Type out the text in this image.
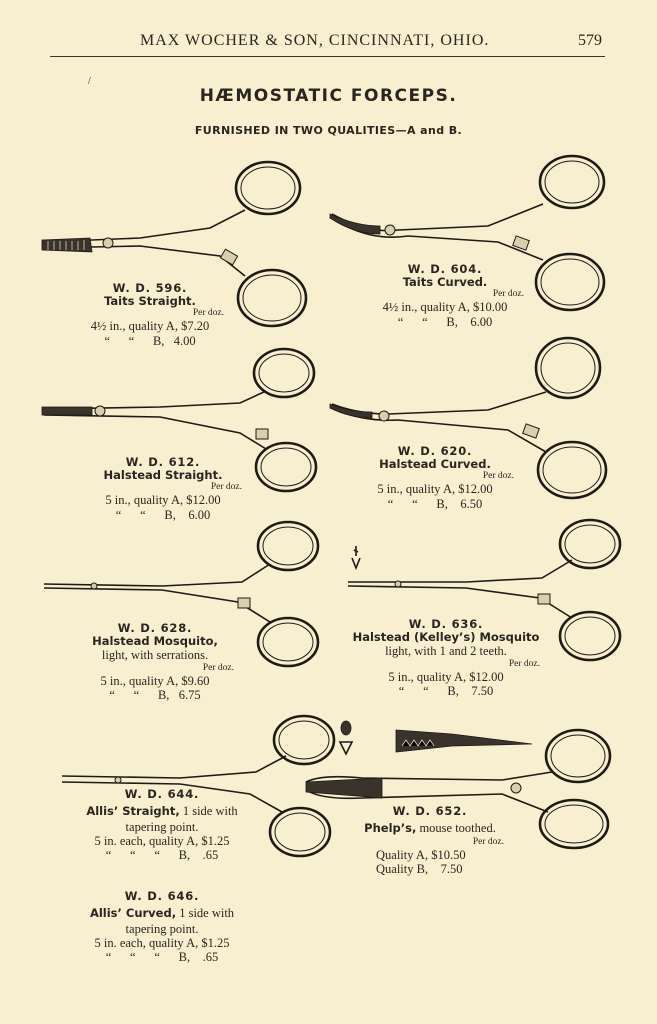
MAX WOCHER & SON, CINCINNATI, OHIO.	579
/
HÆMOSTATIC FORCEPS.
FURNISHED IN TWO QUALITIES—A and B.
W. D. 596.
Taits Straight.
Per doz.
4½ in., quality A, $7.20
“      “      B,   4.00
W. D. 604.
Taits Curved.
Per doz.
4½ in., quality A, $10.00
“      “      B,    6.00
W. D. 612.
Halstead Straight.
Per doz.
5 in., quality A, $12.00
“      “      B,    6.00
W. D. 620.
Halstead Curved.
Per doz.
5 in., quality A, $12.00
“      “      B,    6.50
W. D. 628.
Halstead Mosquito,
light, with serrations.
Per doz.
5 in., quality A, $9.60
“      “      B,   6.75
W. D. 636.
Halstead (Kelley’s) Mosquito
light, with 1 and 2 teeth.
Per doz.
5 in., quality A, $12.00
“      “      B,    7.50
W. D. 644.
Allis’ Straight, 1 side with
tapering point.
5 in. each, quality A, $1.25
“      “      “      B,    .65
W. D. 646.
Allis’ Curved, 1 side with
tapering point.
5 in. each, quality A, $1.25
“      “      “      B,    .65
W. D. 652.
Phelp’s, mouse toothed.
Per doz.
Quality A, $10.50
Quality B,    7.50
